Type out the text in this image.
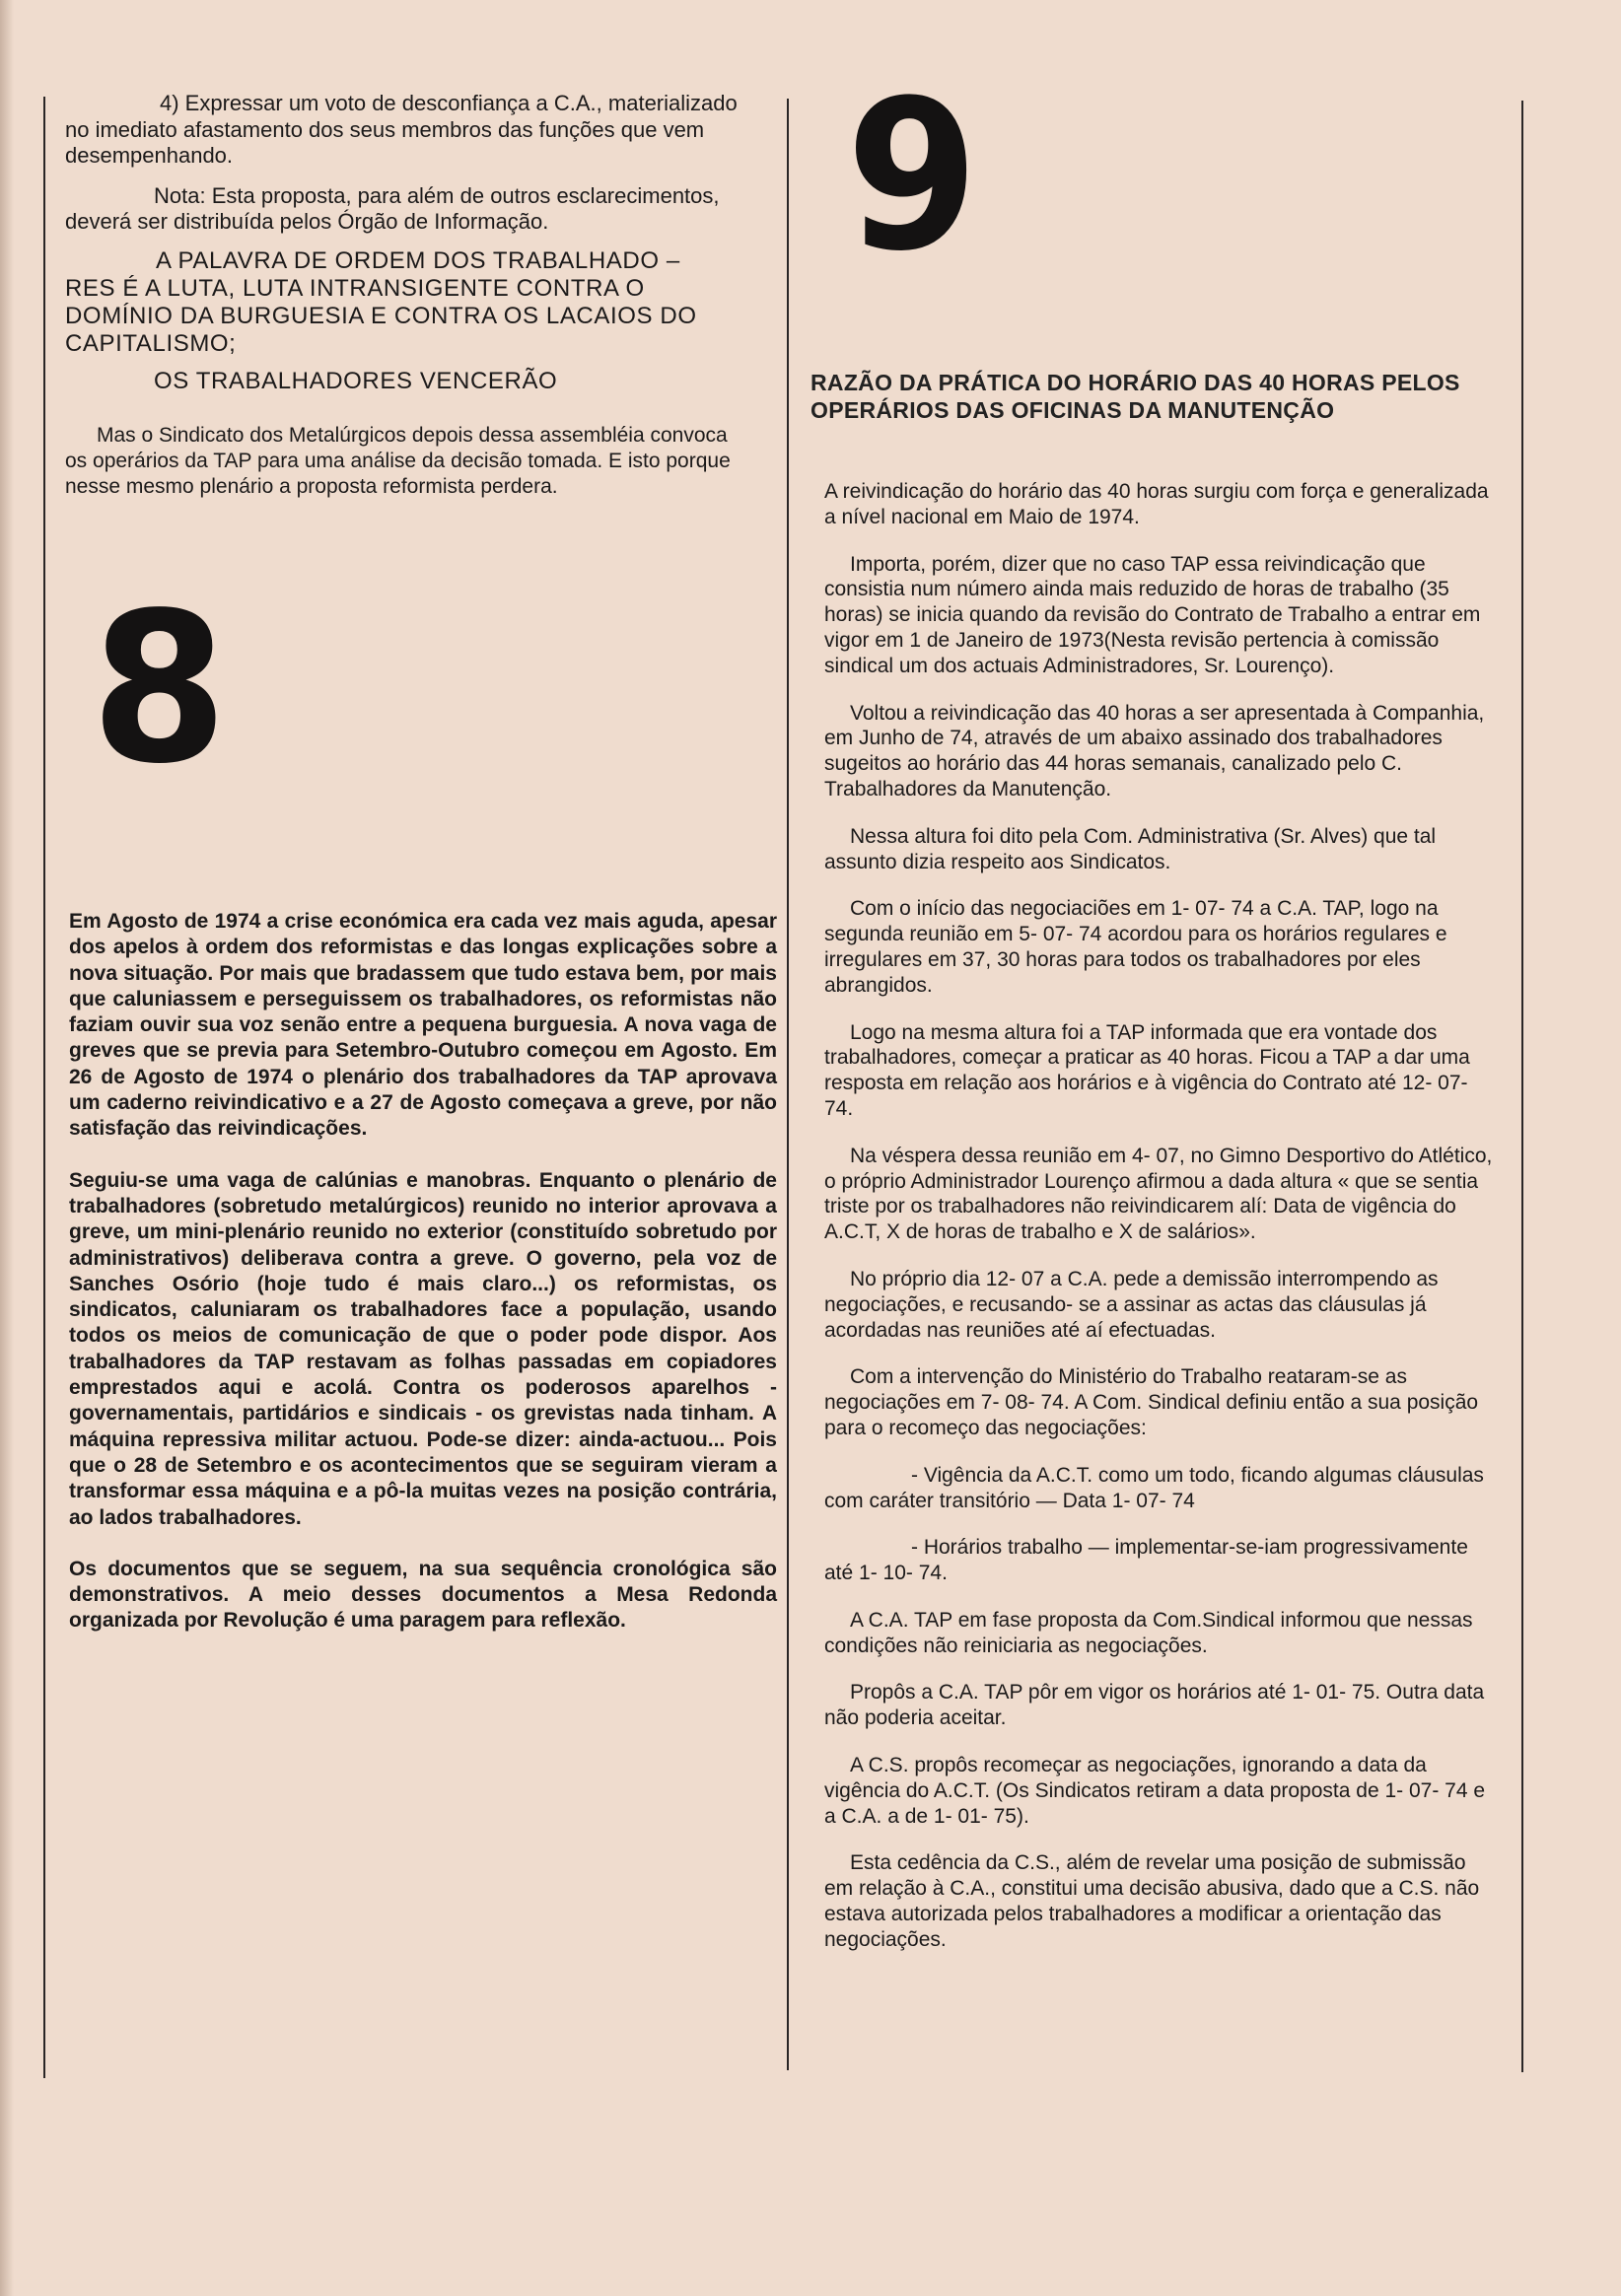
4) Expressar um voto de desconfiança a C.A., materializado no imediato afastamento dos seus membros das funções que vem desempenhando.

Nota: Esta proposta, para além de outros esclarecimentos, deverá ser distribuída pelos Órgão de Informação.

A PALAVRA DE ORDEM DOS TRABALHADO –
RES É A LUTA, LUTA INTRANSIGENTE CONTRA O DOMÍNIO DA BURGUESIA E CONTRA OS LACAIOS DO CAPITALISMO;

OS TRABALHADORES VENCERÃO

Mas o Sindicato dos Metalúrgicos depois dessa assembléia convoca os operários da TAP para uma análise da decisão tomada. E isto porque nesse mesmo plenário a proposta reformista perdera.

8

Em Agosto de 1974 a crise económica era cada vez mais aguda, apesar dos apelos à ordem dos reformistas e das longas explicações sobre a nova situação. Por mais que bradassem que tudo estava bem, por mais que caluniassem e perseguissem os trabalhadores, os reformistas não faziam ouvir sua voz senão entre a pequena burguesia. A nova vaga de greves que se previa para Setembro-Outubro começou em Agosto. Em 26 de Agosto de 1974 o plenário dos trabalhadores da TAP aprovava um caderno reivindicativo e a 27 de Agosto começava a greve, por não satisfação das reivindicações.

Seguiu-se uma vaga de calúnias e manobras. Enquanto o plenário de trabalhadores (sobretudo metalúrgicos) reunido no interior aprovava a greve, um mini-plenário reunido no exterior (constituído sobretudo por administrativos) deliberava contra a greve. O governo, pela voz de Sanches Osório (hoje tudo é mais claro...) os reformistas, os sindicatos, caluniaram os trabalhadores face a população, usando todos os meios de comunicação de que o poder pode dispor. Aos trabalhadores da TAP restavam as folhas passadas em copiadores emprestados aqui e acolá. Contra os poderosos aparelhos - governamentais, partidários e sindicais - os grevistas nada tinham. A máquina repressiva militar actuou. Pode-se dizer: ainda-actuou... Pois que o 28 de Setembro e os acontecimentos que se seguiram vieram a transformar essa máquina e a pô-la muitas vezes na posição contrária, ao lados trabalhadores.

Os documentos que se seguem, na sua sequência cronológica são demonstrativos. A meio desses documentos a Mesa Redonda organizada por Revolução é uma paragem para reflexão.

9

RAZÃO DA PRÁTICA DO HORÁRIO DAS 40 HORAS PELOS OPERÁRIOS DAS OFICINAS DA MANUTENÇÃO

A reivindicação do horário das 40 horas surgiu com força e generalizada a nível nacional em Maio de 1974.

Importa, porém, dizer que no caso TAP essa reivindicação que consistia num número ainda mais reduzido de horas de trabalho (35 horas) se inicia quando da revisão do Contrato de Trabalho a entrar em vigor em 1 de Janeiro de 1973(Nesta revisão pertencia à comissão sindical um dos actuais Administradores, Sr. Lourenço).

Voltou a reivindicação das 40 horas a ser apresentada à Companhia, em Junho de 74, através de um abaixo assinado dos trabalhadores sugeitos ao horário das 44 horas semanais, canalizado pelo C. Trabalhadores da Manutenção.

Nessa altura foi dito pela Com. Administrativa (Sr. Alves) que tal assunto dizia respeito aos Sindicatos.

Com o início das negociaciões em 1- 07- 74 a C.A. TAP, logo na segunda reunião em 5- 07- 74 acordou para os horários regulares e irregulares em 37, 30 horas para todos os trabalhadores por eles abrangidos.

Logo na mesma altura foi a TAP informada que era vontade dos trabalhadores, começar a praticar as 40 horas. Ficou a TAP a dar uma resposta em relação aos horários e à vigência do Contrato até 12- 07- 74.

Na véspera dessa reunião em 4- 07, no Gimno Desportivo do Atlético, o próprio Administrador Lourenço afirmou a dada altura « que se sentia triste por os trabalhadores não reivindicarem alí: Data de vigência do A.C.T, X de horas de trabalho e X de salários».

No próprio dia 12- 07 a C.A. pede a demissão interrompendo as negociações, e recusando- se a assinar as actas das cláusulas já acordadas nas reuniões até aí efectuadas.

Com a intervenção do Ministério do Trabalho reataram-se as negociações em 7- 08- 74. A Com. Sindical definiu então a sua posição para o recomeço das negociações:

- Vigência da A.C.T. como um todo, ficando algumas cláusulas com caráter transitório — Data 1- 07- 74

- Horários trabalho — implementar-se-iam progressivamente até 1- 10- 74.

A C.A. TAP em fase proposta da Com.Sindical informou que nessas condições não reiniciaria as negociações.

Propôs a C.A. TAP pôr em vigor os horários até 1- 01- 75. Outra data não poderia aceitar.

A C.S. propôs recomeçar as negociações, ignorando a data da vigência do A.C.T. (Os Sindicatos retiram a data proposta de 1- 07- 74 e a C.A. a de 1- 01- 75).

Esta cedência da C.S., além de revelar uma posição de submissão em relação à C.A., constitui uma decisão abusiva, dado que a C.S. não estava autorizada pelos trabalhadores a modificar a orientação das negociações.
